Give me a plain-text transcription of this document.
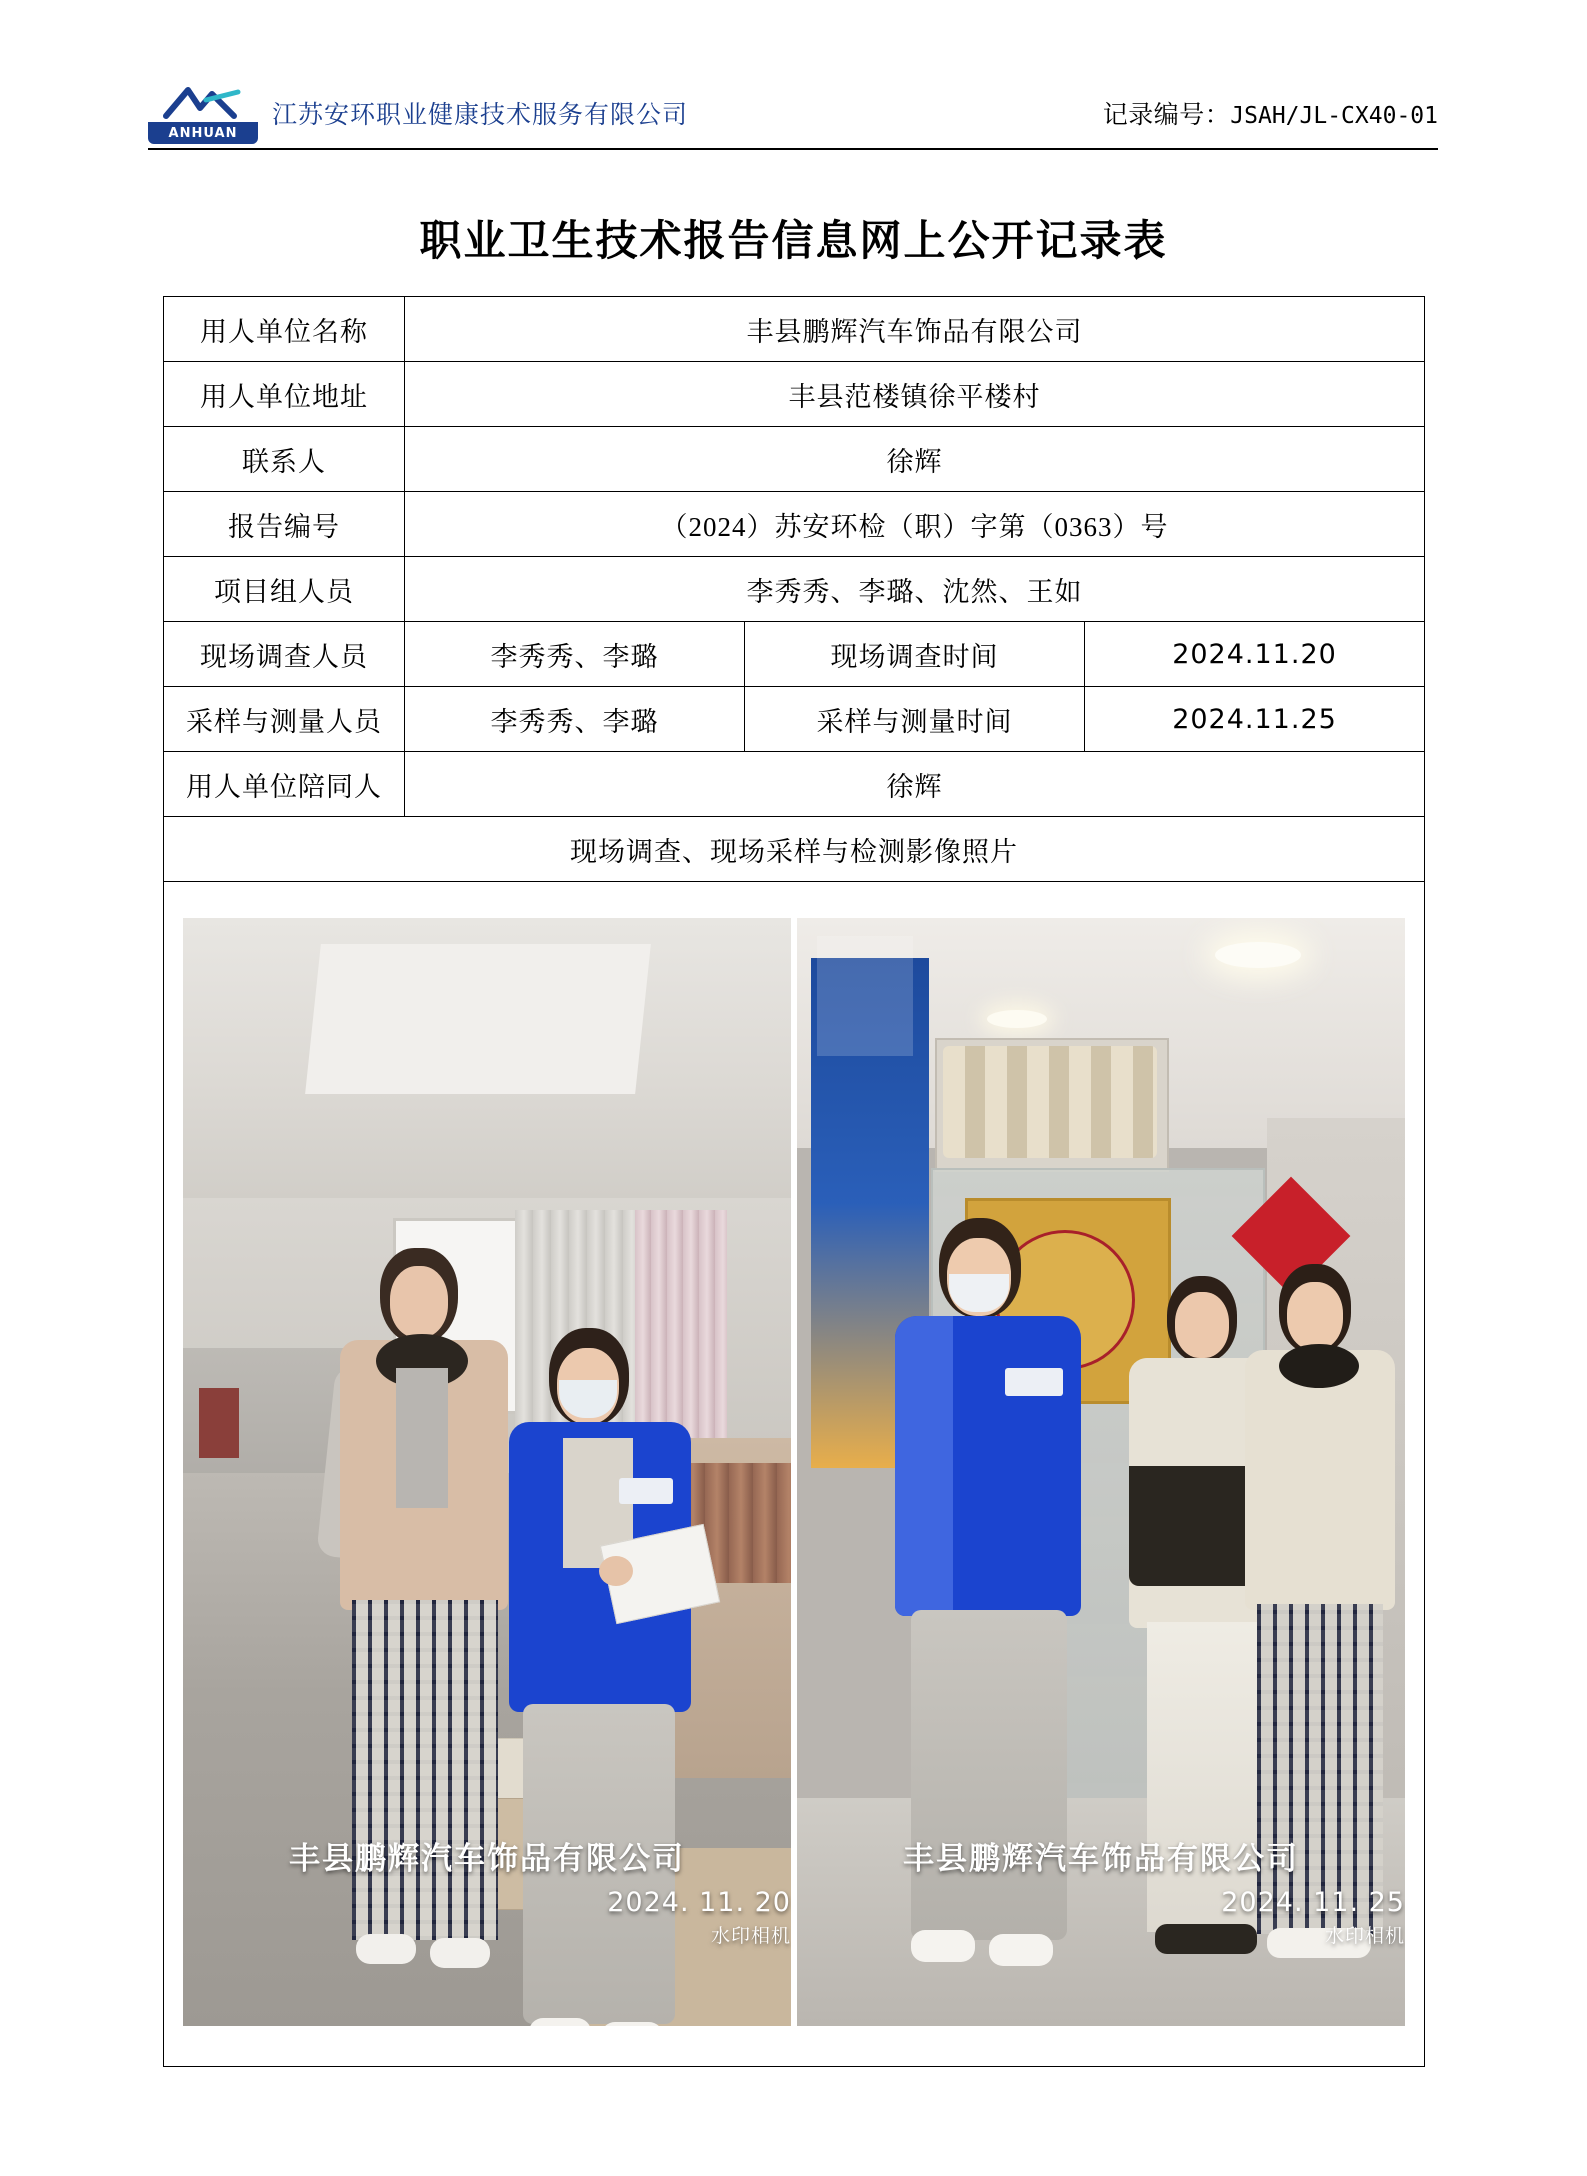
ANHUAN
江苏安环职业健康技术服务有限公司	记录编号：JSAH/JL-CX40-01
职业卫生技术报告信息网上公开记录表
用人单位名称	丰县鹏辉汽车饰品有限公司		
用人单位地址	丰县范楼镇徐平楼村		
联系人	徐辉		
报告编号	（2024）苏安环检（职）字第（0363）号		
项目组人员	李秀秀、李璐、沈然、王如		
现场调查人员	李秀秀、李璐	现场调查时间	2024.11.20
采样与测量人员	李秀秀、李璐	采样与测量时间	2024.11.25
用人单位陪同人	徐辉		
现场调查、现场采样与检测影像照片			

丰县鹏辉汽车饰品有限公司
2024. 11. 20
水印相机
丰县鹏辉汽车饰品有限公司
2024. 11. 25
水印相机
